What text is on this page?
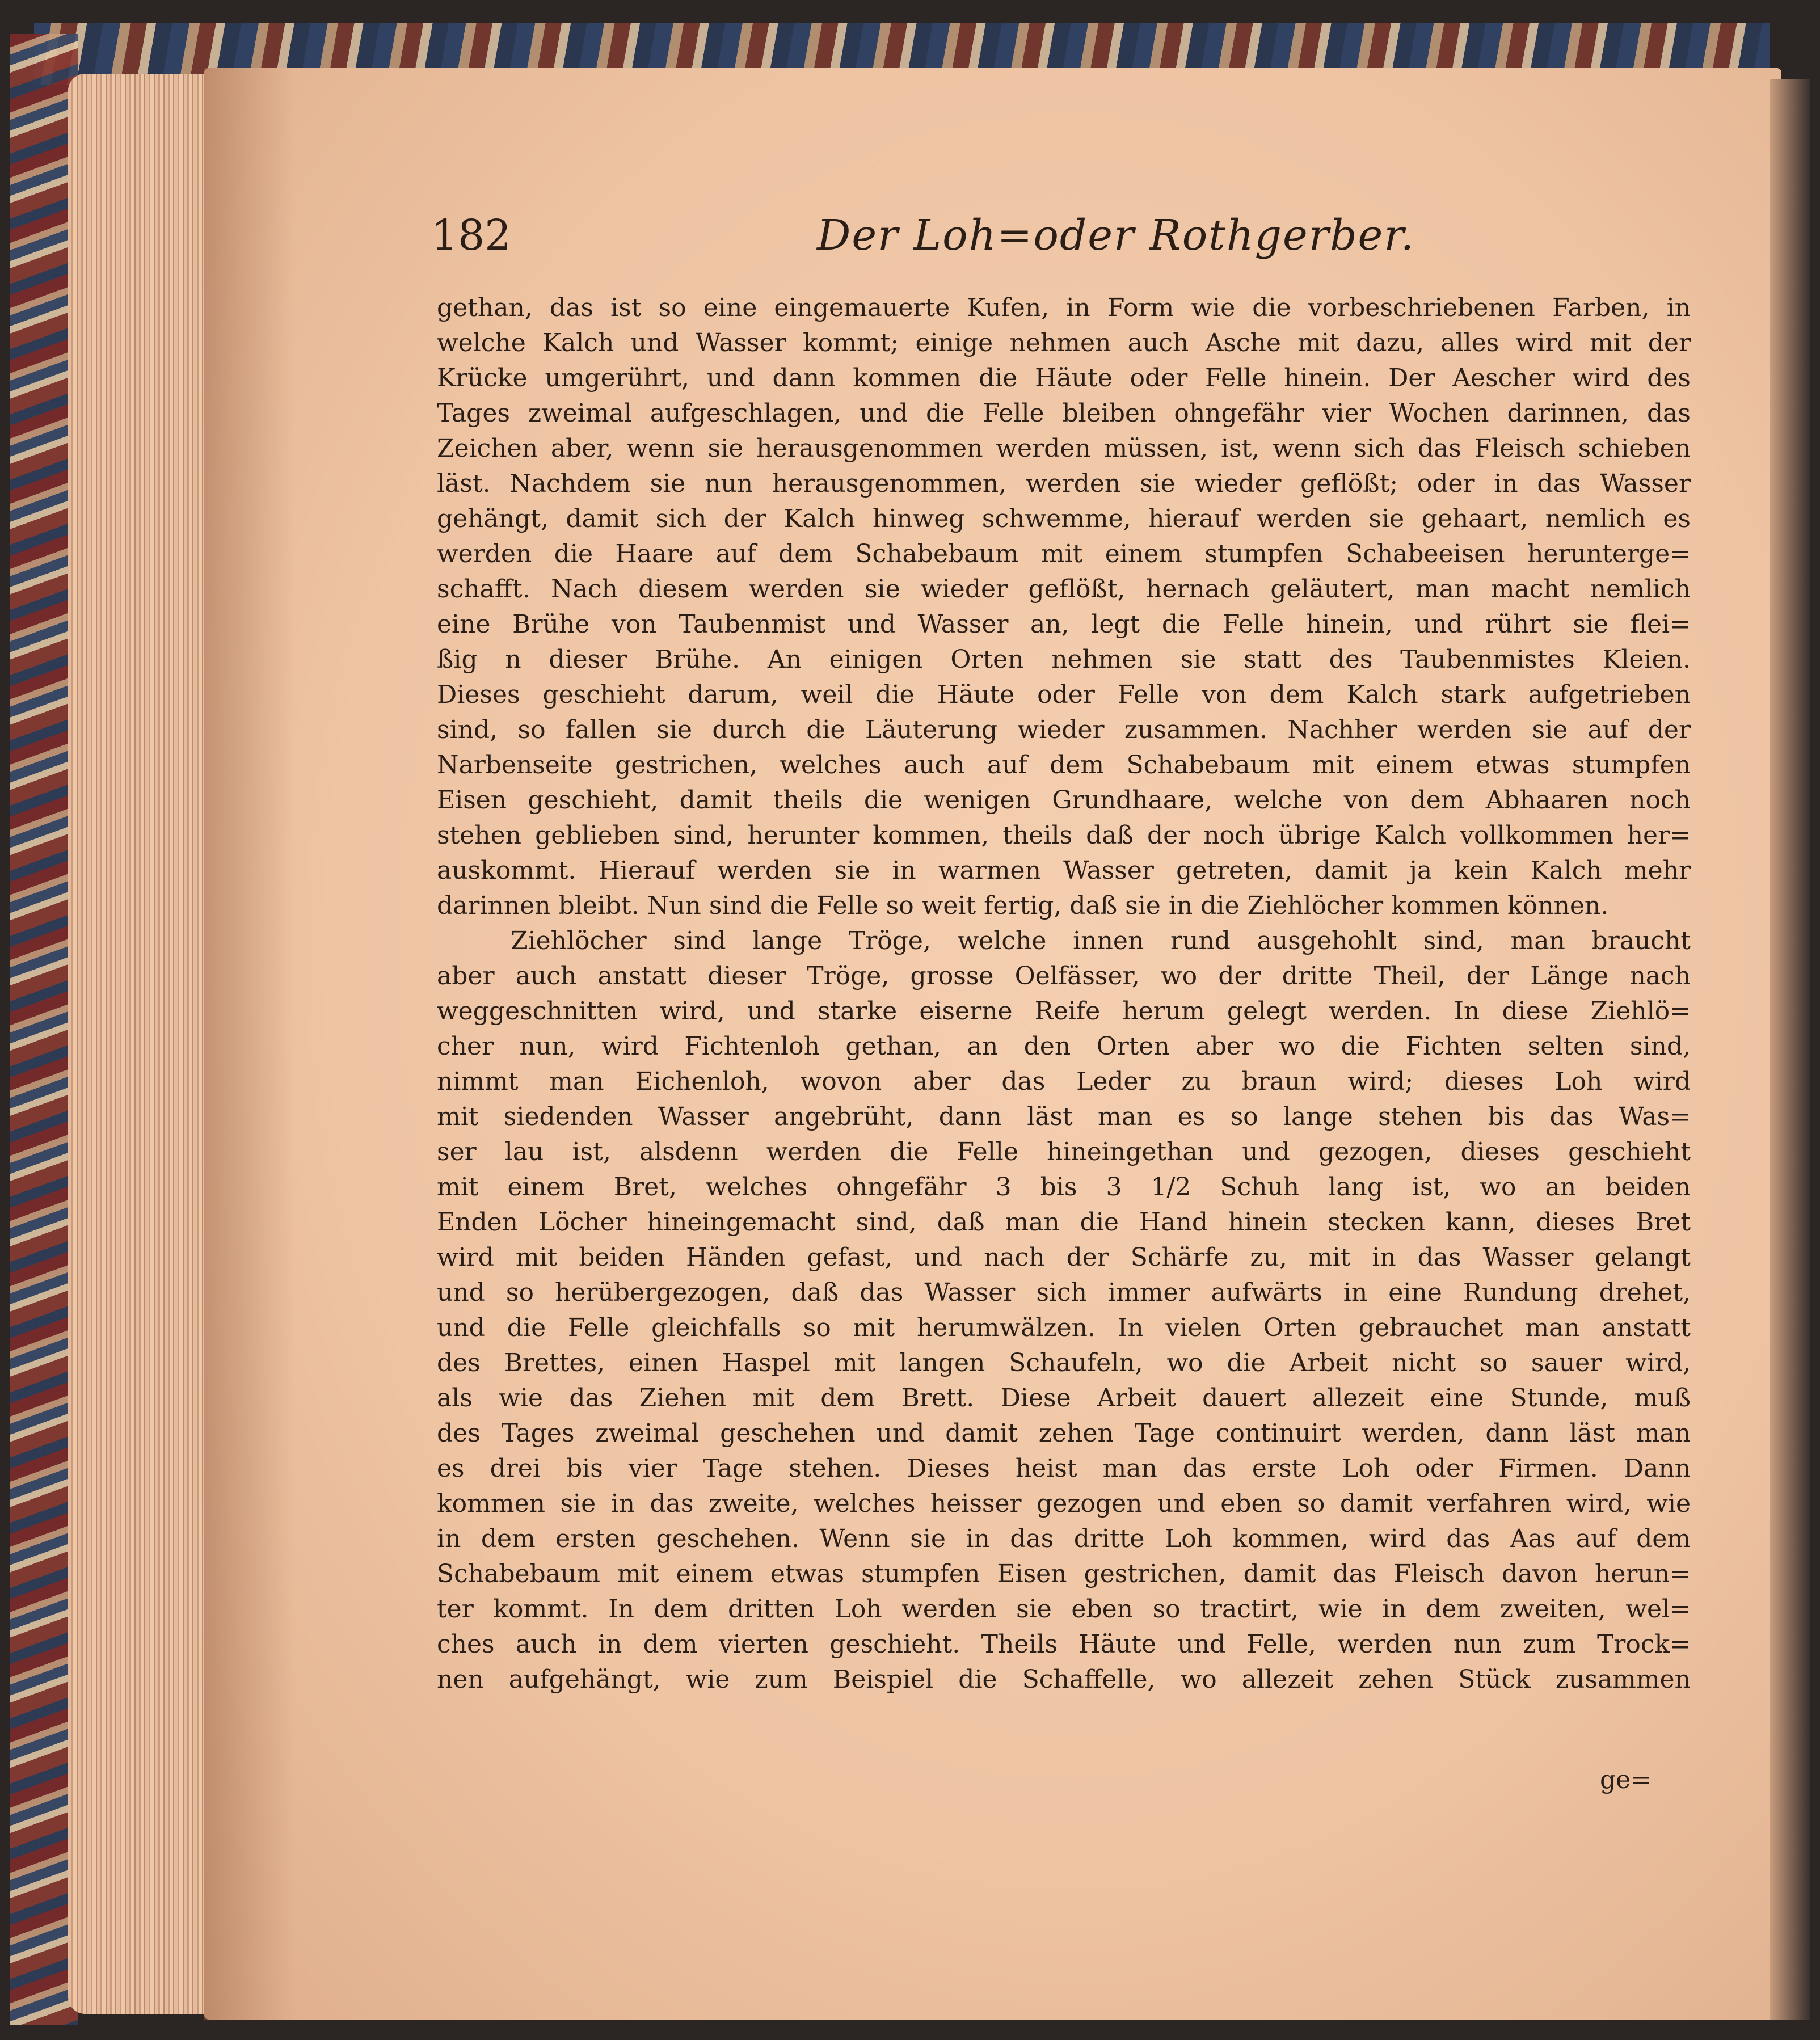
182	Der Loh=oder Rothgerber.
gethan, das ist so eine eingemauerte Kufen, in Form wie die vorbeschriebenen Farben, in
welche Kalch und Wasser kommt; einige nehmen auch Asche mit dazu, alles wird mit der
Krücke umgerührt, und dann kommen die Häute oder Felle hinein. Der Aescher wird des
Tages zweimal aufgeschlagen, und die Felle bleiben ohngefähr vier Wochen darinnen, das
Zeichen aber, wenn sie herausgenommen werden müssen, ist, wenn sich das Fleisch schieben
läst. Nachdem sie nun herausgenommen, werden sie wieder geflößt; oder in das Wasser
gehängt, damit sich der Kalch hinweg schwemme, hierauf werden sie gehaart, nemlich es
werden die Haare auf dem Schabebaum mit einem stumpfen Schabeeisen herunterge=
schafft. Nach diesem werden sie wieder geflößt, hernach geläutert, man macht nemlich
eine Brühe von Taubenmist und Wasser an, legt die Felle hinein, und rührt sie flei=
ßig n dieser Brühe. An einigen Orten nehmen sie statt des Taubenmistes Kleien.
Dieses geschieht darum, weil die Häute oder Felle von dem Kalch stark aufgetrieben
sind, so fallen sie durch die Läuterung wieder zusammen. Nachher werden sie auf der
Narbenseite gestrichen, welches auch auf dem Schabebaum mit einem etwas stumpfen
Eisen geschieht, damit theils die wenigen Grundhaare, welche von dem Abhaaren noch
stehen geblieben sind, herunter kommen, theils daß der noch übrige Kalch vollkommen her=
auskommt. Hierauf werden sie in warmen Wasser getreten, damit ja kein Kalch mehr
darinnen bleibt. Nun sind die Felle so weit fertig, daß sie in die Ziehlöcher kommen können.
Ziehlöcher sind lange Tröge, welche innen rund ausgehohlt sind, man braucht
aber auch anstatt dieser Tröge, grosse Oelfässer, wo der dritte Theil, der Länge nach
weggeschnitten wird, und starke eiserne Reife herum gelegt werden. In diese Ziehlö=
cher nun, wird Fichtenloh gethan, an den Orten aber wo die Fichten selten sind,
nimmt man Eichenloh, wovon aber das Leder zu braun wird; dieses Loh wird
mit siedenden Wasser angebrüht, dann läst man es so lange stehen bis das Was=
ser lau ist, alsdenn werden die Felle hineingethan und gezogen, dieses geschieht
mit einem Bret, welches ohngefähr 3 bis 3 1/2 Schuh lang ist, wo an beiden
Enden Löcher hineingemacht sind, daß man die Hand hinein stecken kann, dieses Bret
wird mit beiden Händen gefast, und nach der Schärfe zu, mit in das Wasser gelangt
und so herübergezogen, daß das Wasser sich immer aufwärts in eine Rundung drehet,
und die Felle gleichfalls so mit herumwälzen. In vielen Orten gebrauchet man anstatt
des Brettes, einen Haspel mit langen Schaufeln, wo die Arbeit nicht so sauer wird,
als wie das Ziehen mit dem Brett. Diese Arbeit dauert allezeit eine Stunde, muß
des Tages zweimal geschehen und damit zehen Tage continuirt werden, dann läst man
es drei bis vier Tage stehen. Dieses heist man das erste Loh oder Firmen. Dann
kommen sie in das zweite, welches heisser gezogen und eben so damit verfahren wird, wie
in dem ersten geschehen. Wenn sie in das dritte Loh kommen, wird das Aas auf dem
Schabebaum mit einem etwas stumpfen Eisen gestrichen, damit das Fleisch davon herun=
ter kommt. In dem dritten Loh werden sie eben so tractirt, wie in dem zweiten, wel=
ches auch in dem vierten geschieht. Theils Häute und Felle, werden nun zum Trock=
nen aufgehängt, wie zum Beispiel die Schaffelle, wo allezeit zehen Stück zusammen
ge=
